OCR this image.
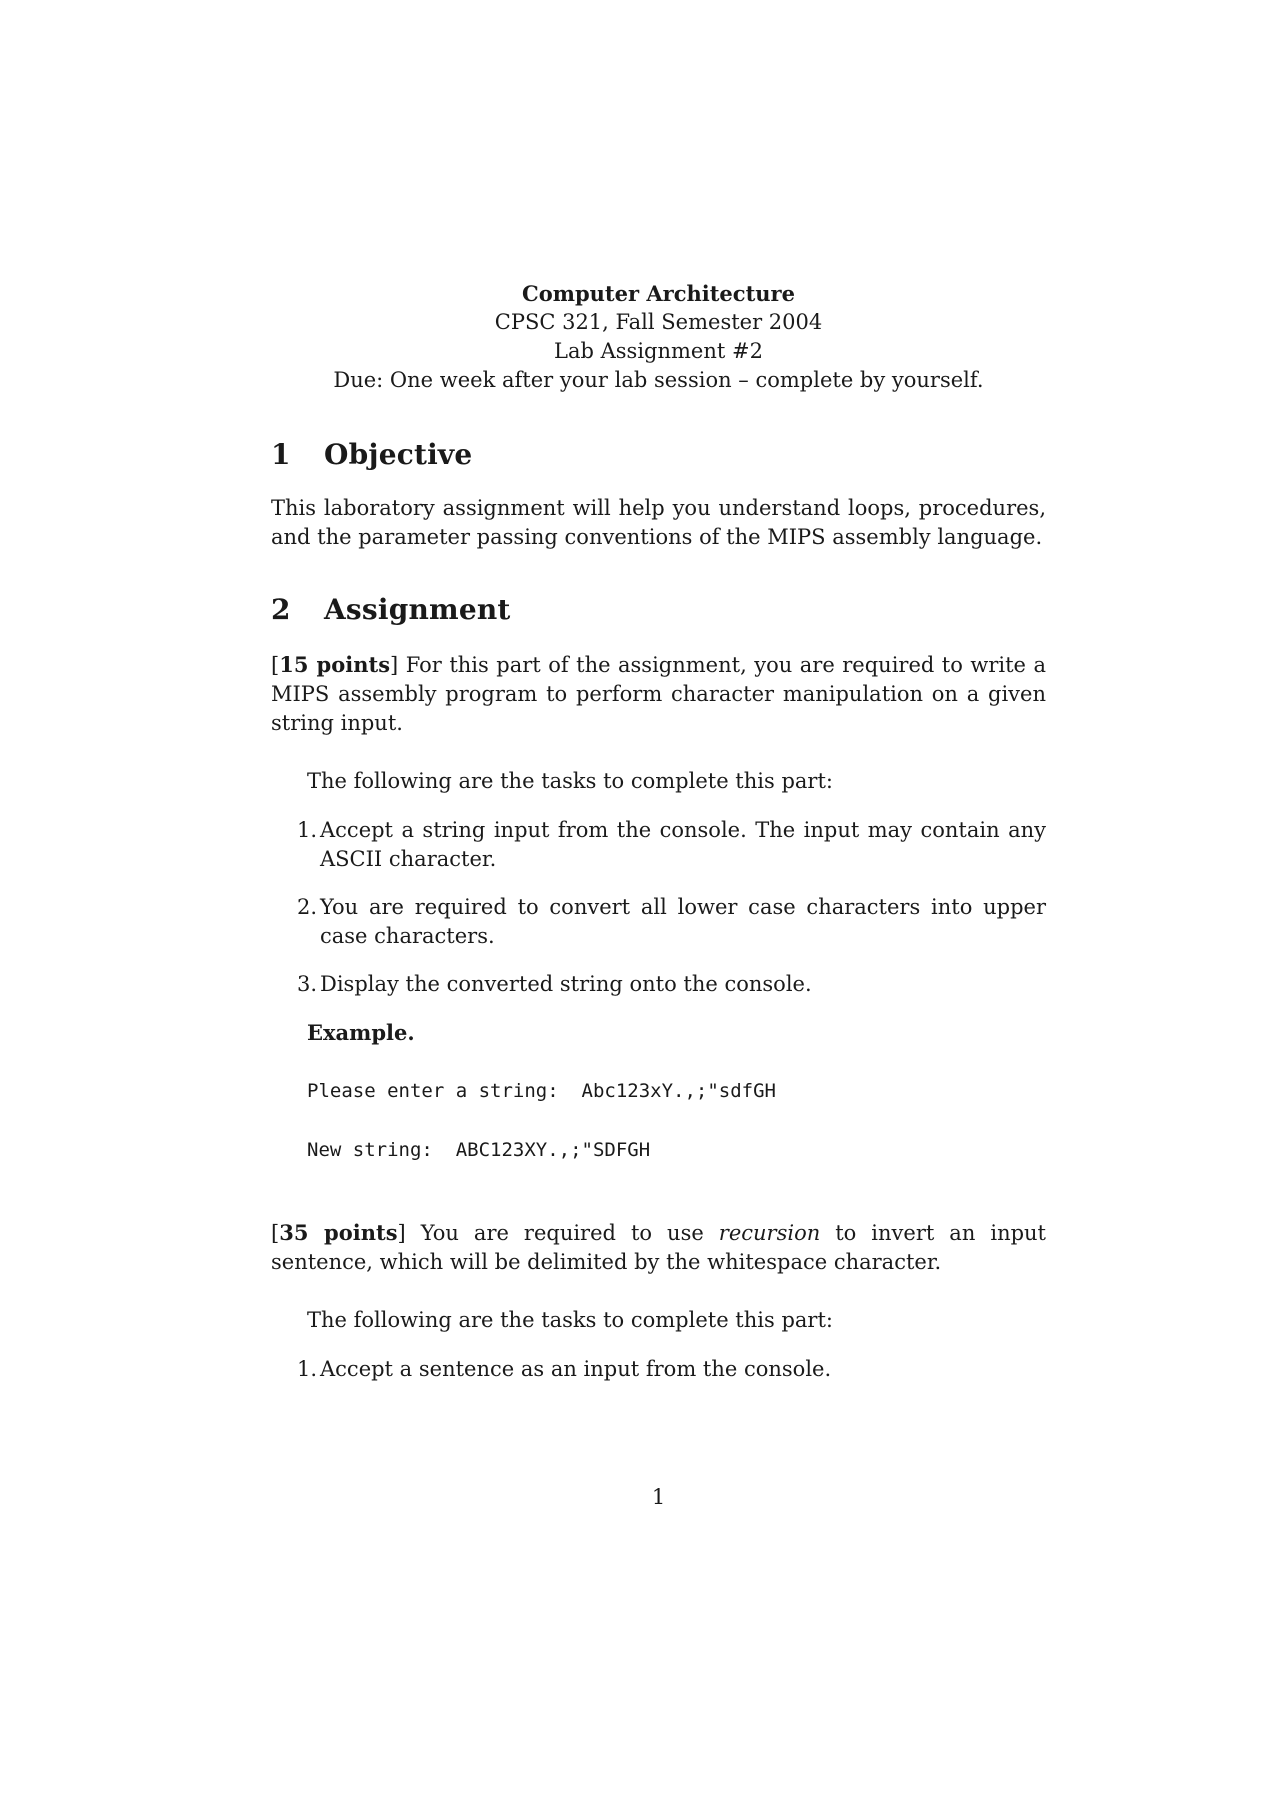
Computer Architecture
CPSC 321, Fall Semester 2004
Lab Assignment #2
Due: One week after your lab session – complete by yourself.
1 Objective
This laboratory assignment will help you understand loops, procedures, and the parameter passing conventions of the MIPS assembly language.
2 Assignment
[15 points] For this part of the assignment, you are required to write a MIPS assembly program to perform character manipulation on a given string input.
The following are the tasks to complete this part:
1. Accept a string input from the console. The input may contain any ASCII character.
2. You are required to convert all lower case characters into upper case characters.
3. Display the converted string onto the console.
Example.
Please enter a string:  Abc123xY.,;"sdfGH
New string:  ABC123XY.,;"SDFGH
[35 points] You are required to use recursion to invert an input sentence, which will be delimited by the whitespace character.
The following are the tasks to complete this part:
1. Accept a sentence as an input from the console.
1
